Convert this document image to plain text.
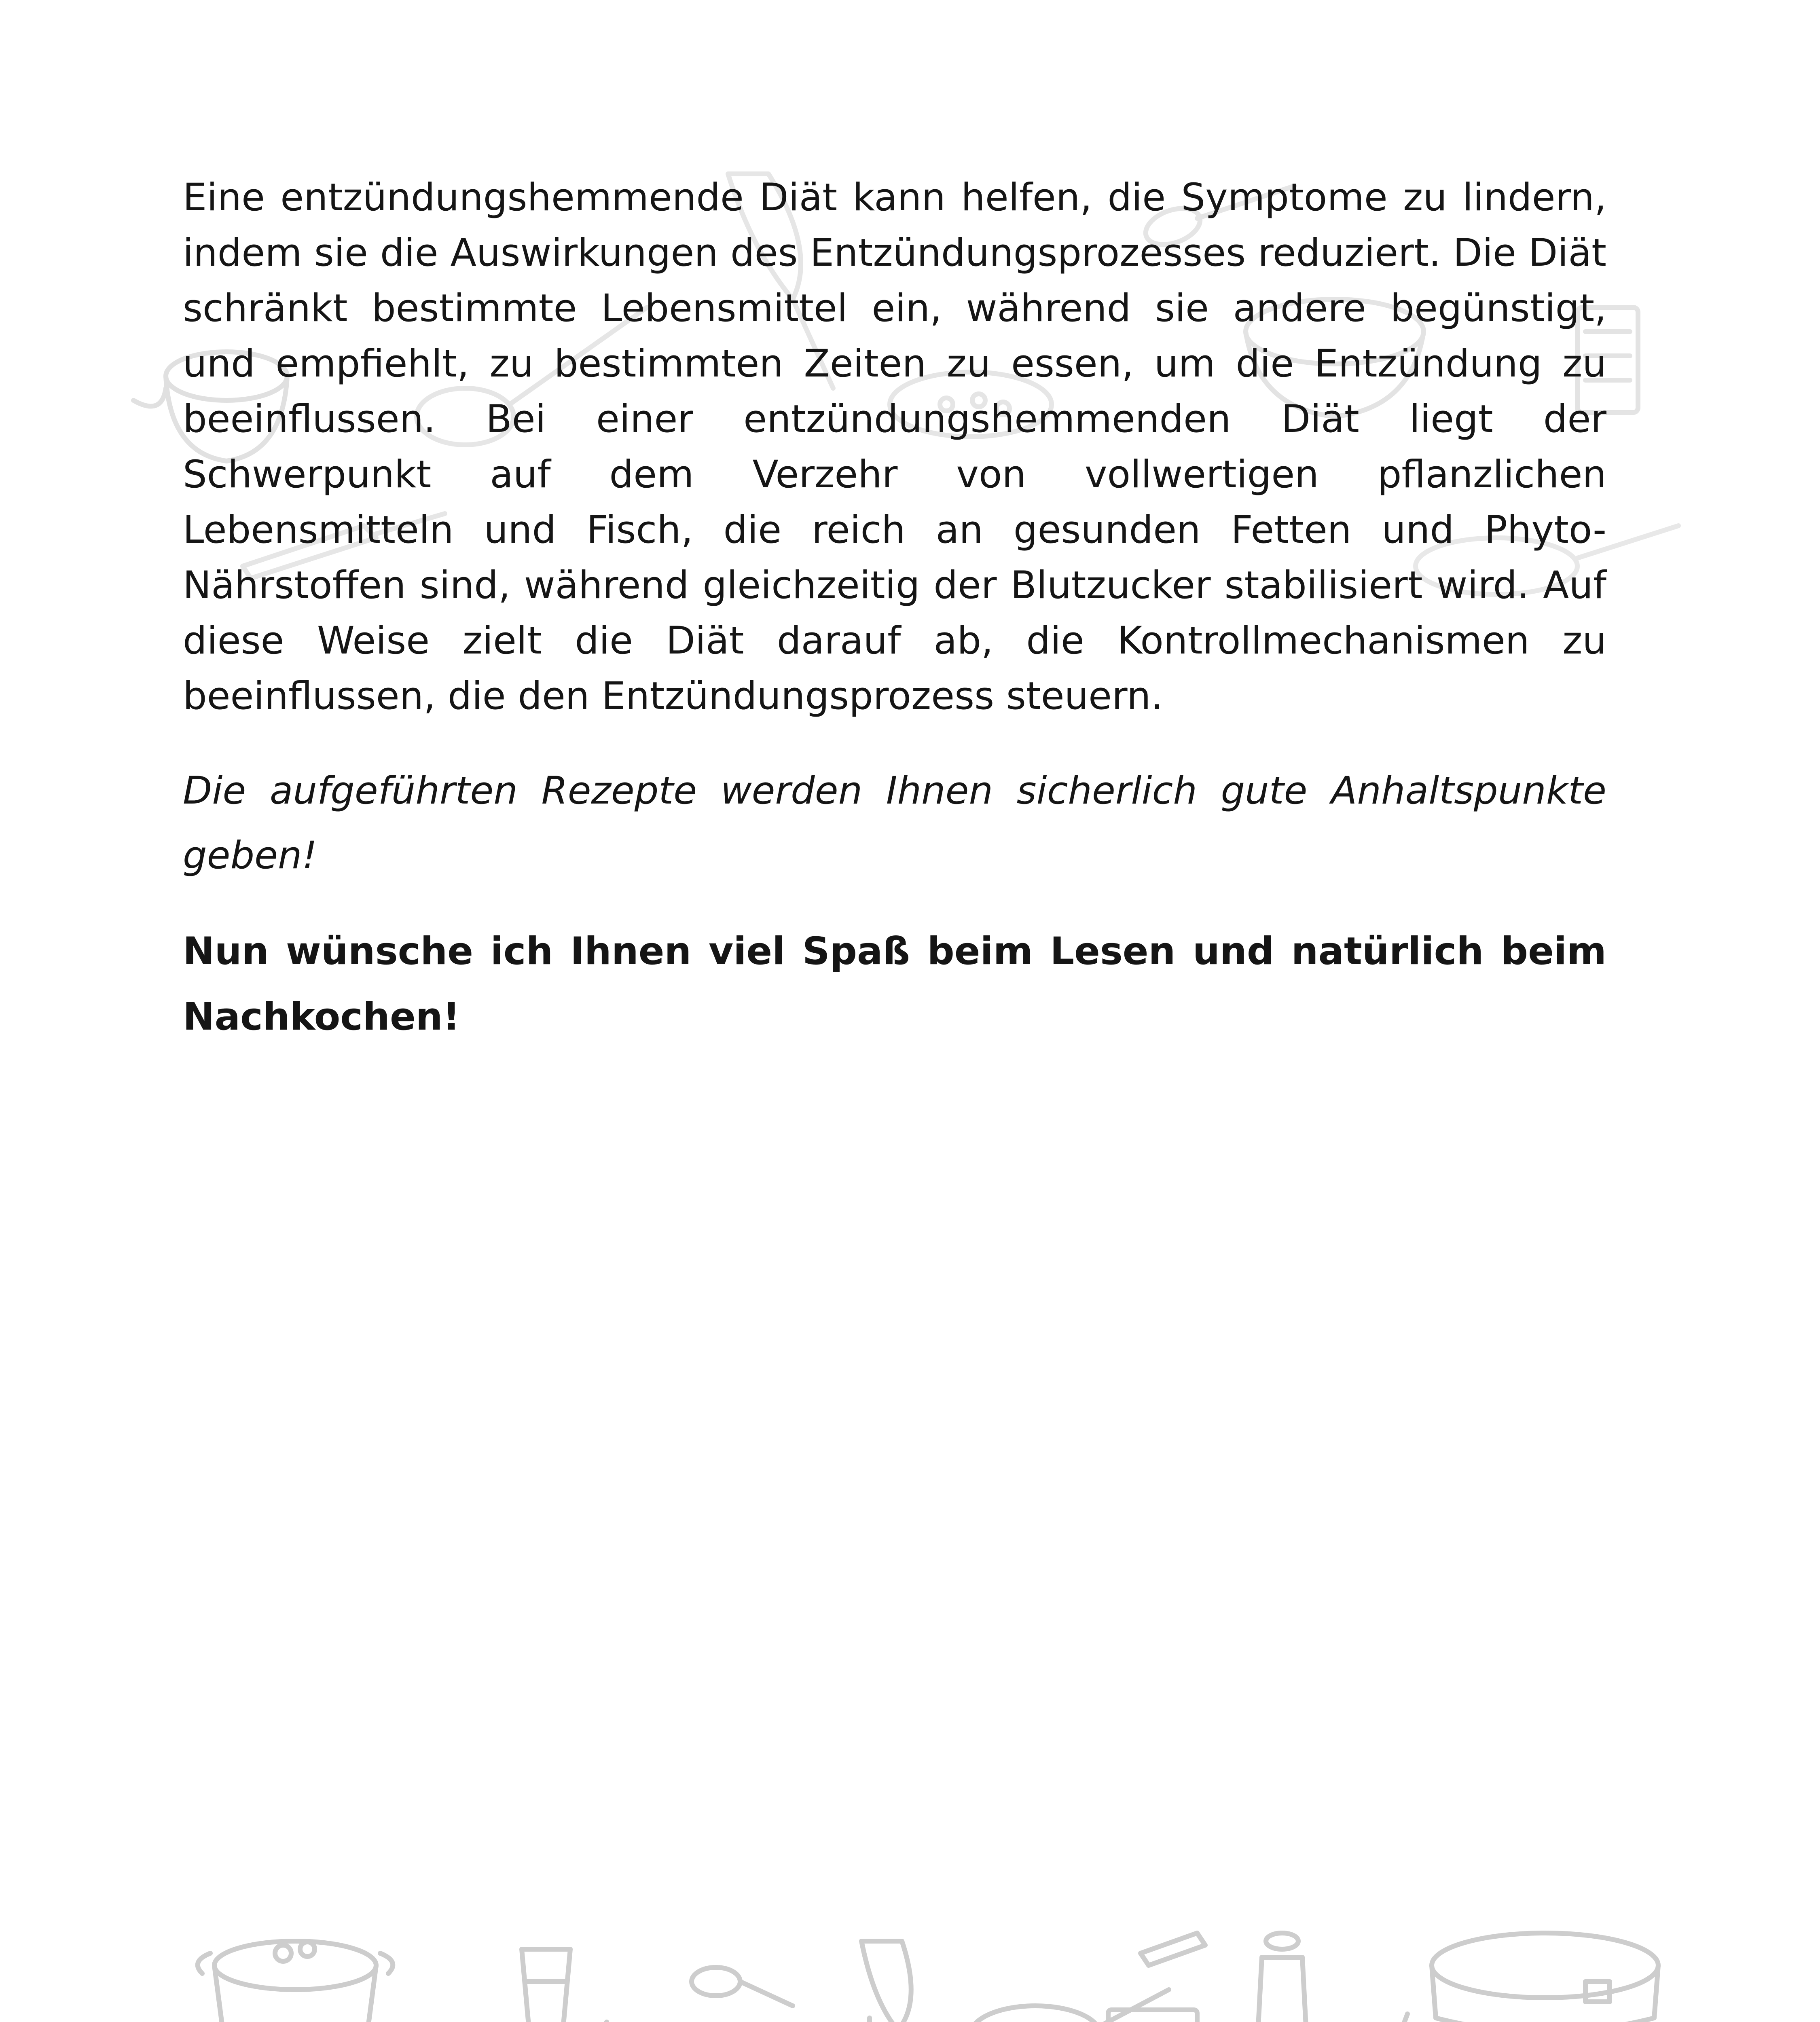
Eine entzündungshemmende Diät kann helfen, die Symptome zu lindern, indem sie die Auswirkungen des Entzündungsprozesses reduziert. Die Diät schränkt bestimmte Lebensmittel ein, während sie andere begünstigt, und empfiehlt, zu bestimmten Zeiten zu essen, um die Entzündung zu beeinflussen. Bei einer entzündungshemmenden Diät liegt der Schwerpunkt auf dem Verzehr von vollwertigen pflanzlichen Lebensmitteln und Fisch, die reich an gesunden Fetten und Phyto-Nährstoffen sind, während gleichzeitig der Blutzucker stabilisiert wird. Auf diese Weise zielt die Diät darauf ab, die Kontrollmechanismen zu beeinflussen, die den Entzündungsprozess steuern.

Die aufgeführten Rezepte werden Ihnen sicherlich gute Anhaltspunkte geben!

Nun wünsche ich Ihnen viel Spaß beim Lesen und natürlich beim Nachkochen!
